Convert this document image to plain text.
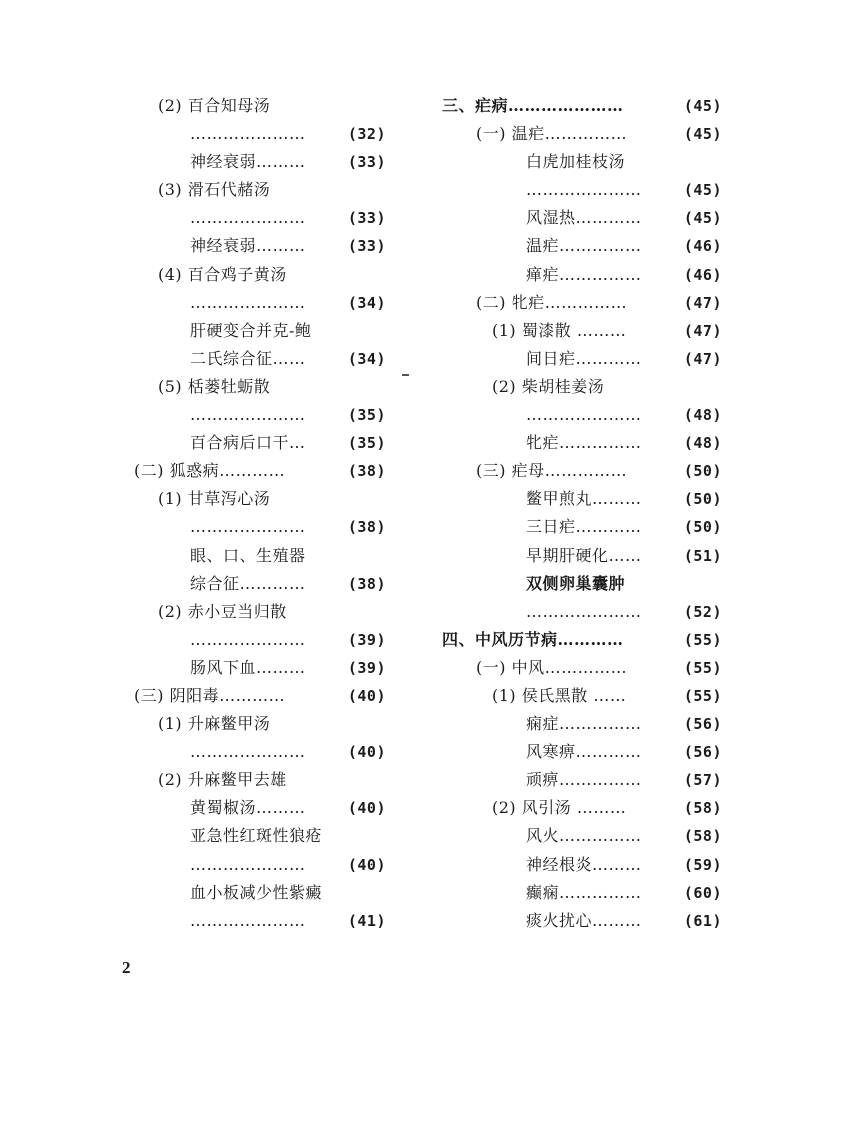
(2) 百合知母汤
…………………	(32)
神经衰弱………	(33)
(3) 滑石代赭汤
…………………	(33)
神经衰弱………	(33)
(4) 百合鸡子黄汤
…………………	(34)
肝硬变合并克-鲍
二氏综合征……	(34)
(5) 栝蒌牡蛎散
…………………	(35)
百合病后口干…	(35)
(二) 狐惑病…………	(38)
(1) 甘草泻心汤
…………………	(38)
眼、口、生殖器
综合征…………	(38)
(2) 赤小豆当归散
…………………	(39)
肠风下血………	(39)
(三) 阴阳毒…………	(40)
(1) 升麻鳖甲汤
…………………	(40)
(2) 升麻鳖甲去雄
黄蜀椒汤………	(40)
亚急性红斑性狼疮
…………………	(40)
血小板减少性紫癜
…………………	(41)
三、疟病…………………	(45)
(一) 温疟……………	(45)
白虎加桂枝汤
…………………	(45)
风湿热…………	(45)
温疟……………	(46)
瘅疟……………	(46)
(二) 牝疟……………	(47)
(1) 蜀漆散 ………	(47)
间日疟…………	(47)
(2) 柴胡桂姜汤
…………………	(48)
牝疟……………	(48)
(三) 疟母……………	(50)
鳖甲煎丸………	(50)
三日疟…………	(50)
早期肝硬化……	(51)
双侧卵巢囊肿
…………………	(52)
四、中风历节病…………	(55)
(一) 中风……………	(55)
(1) 侯氏黑散 ……	(55)
痫症……………	(56)
风寒痹…………	(56)
顽痹……………	(57)
(2) 风引汤 ………	(58)
风火……………	(58)
神经根炎………	(59)
癫痫……………	(60)
痰火扰心………	(61)
2
